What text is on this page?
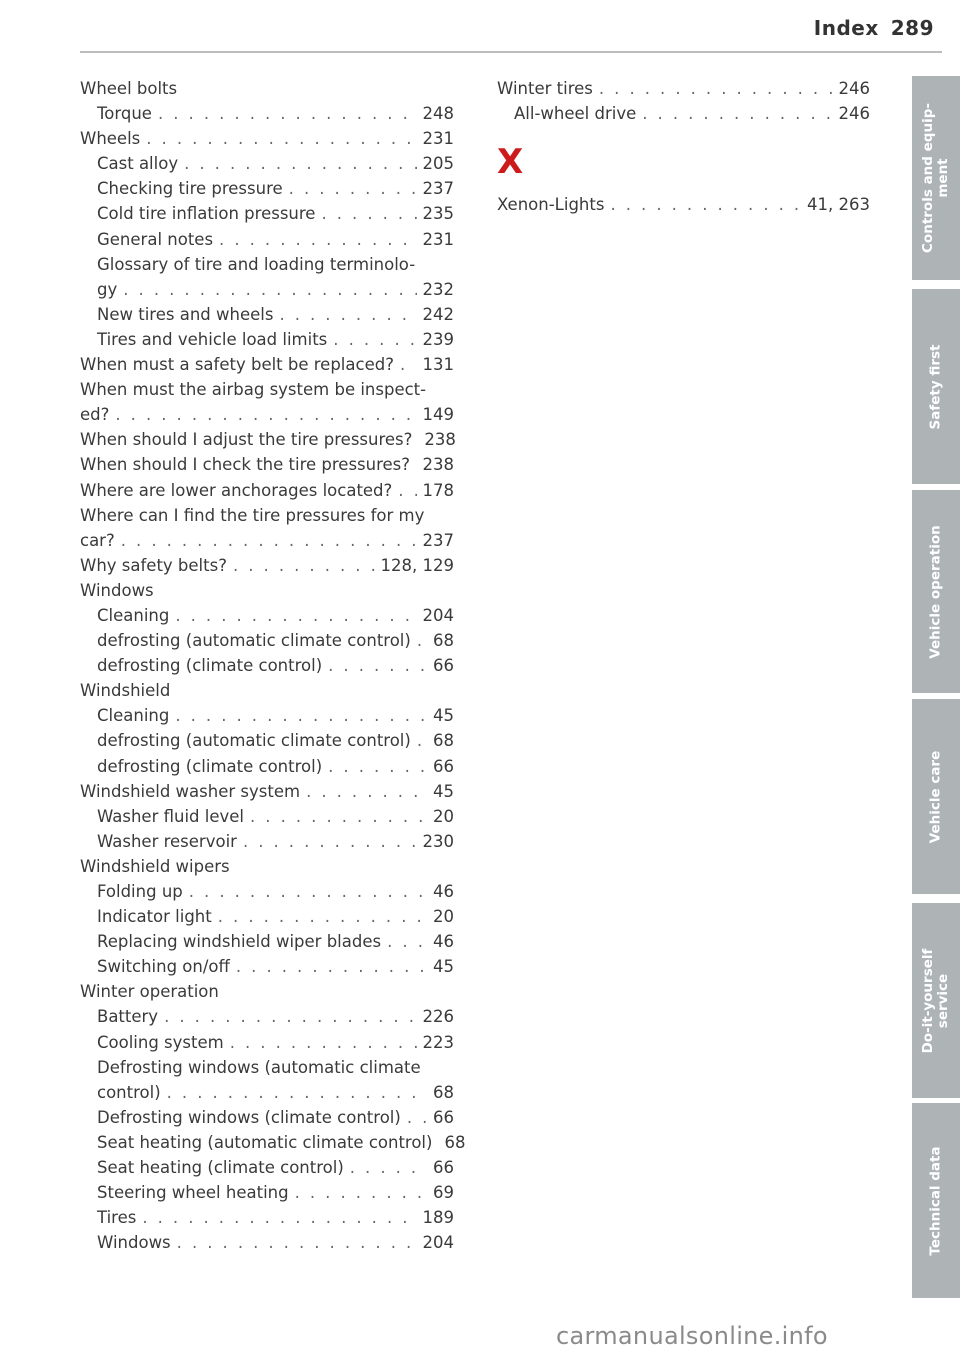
Index 289
Wheel bolts
Torque . . .	248
Wheels . . .	231
Cast alloy . . .	205
Checking tire pressure . . .	237
Cold tire inflation pressure . . .	235
General notes . . .	231
Glossary of tire and loading terminolo-
gy . . .	232
New tires and wheels . . .	242
Tires and vehicle load limits . . .	239
When must a safety belt be replaced? . . . 131
When must the airbag system be inspect-
ed? . . .	149
When should I adjust the tire pressures? 238
When should I check the tire pressures? . . . 238
Where are lower anchorages located? . . . 178
Where can I find the tire pressures for my
car? . . .	237
Why safety belts? . . .	128, 129
Windows
Cleaning . . .	204
defrosting (automatic climate control) . . . 68
defrosting (climate control) . . .	66
Windshield
Cleaning . . .	45
defrosting (automatic climate control) . . . 68
defrosting (climate control) . . .	66
Windshield washer system . . .	45
Washer fluid level . . .	20
Washer reservoir . . .	230
Windshield wipers
Folding up . . .	46
Indicator light . . .	20
Replacing windshield wiper blades . . .	46
Switching on/off . . .	45
Winter operation
Battery . . .	226
Cooling system . . .	223
Defrosting windows (automatic climate
control) . . .	68
Defrosting windows (climate control) . . . 66
Seat heating (automatic climate control) 68
Seat heating (climate control) . . .	66
Steering wheel heating . . .	69
Tires . . .	189
Windows . . .	204
Winter tires . . .	246
All-wheel drive . . .	246
X
Xenon-Lights . . .	41, 263	Controls and equip-
ment
Safety first
Vehicle operation
Vehicle care
Do-it-yourself
service
Technical data
carmanualsonline.info
